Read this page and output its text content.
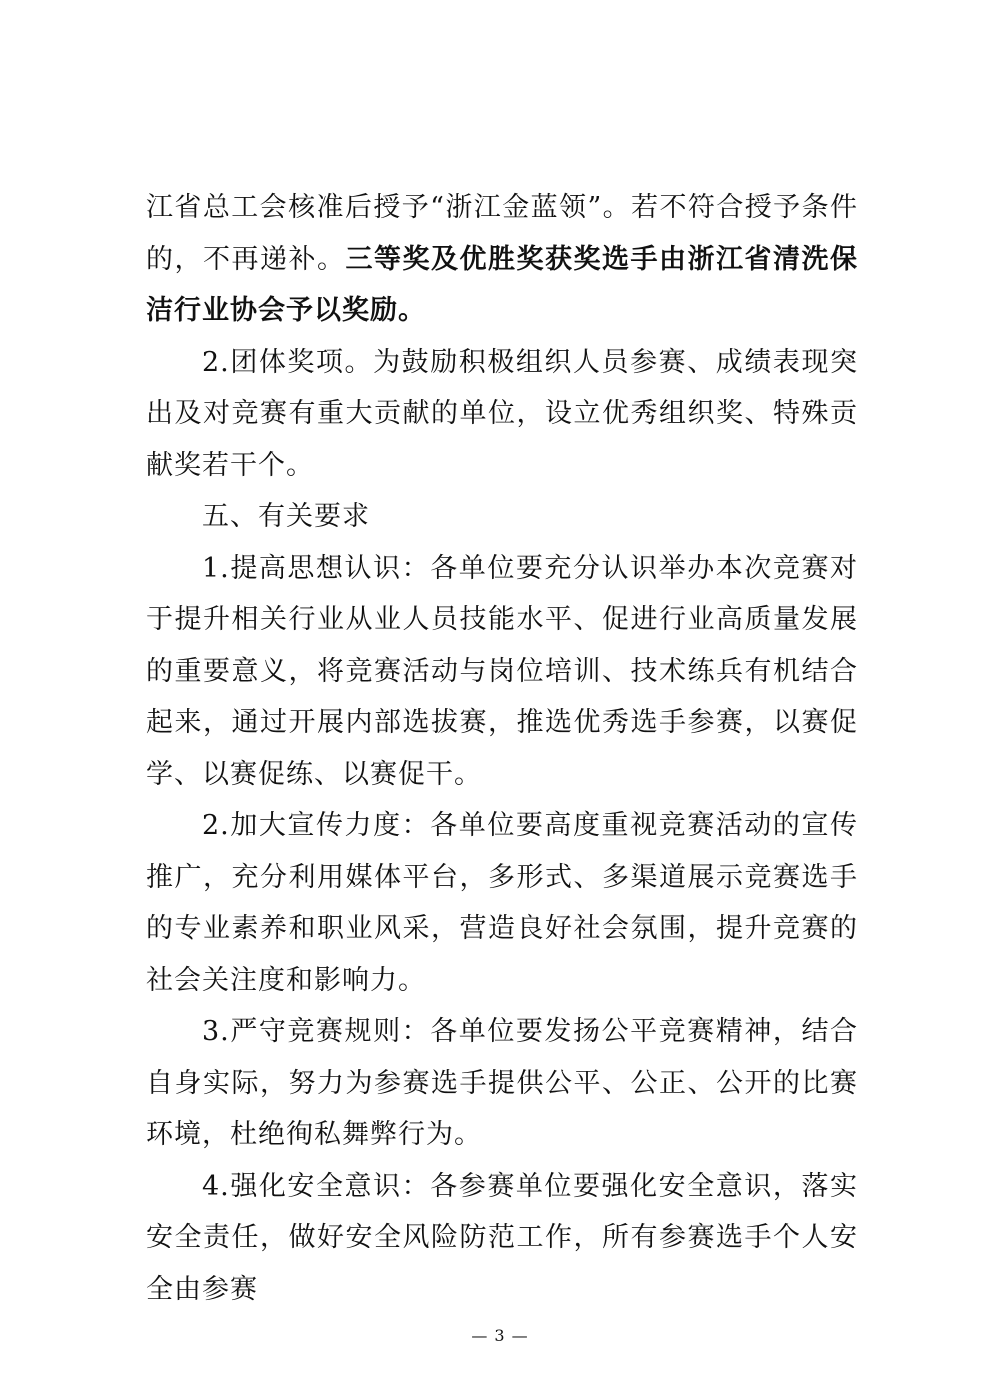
江省总工会核准后授予“浙江金蓝领”。若不符合授予条件的，不再递补。三等奖及优胜奖获奖选手由浙江省清洗保洁行业协会予以奖励。

2.团体奖项。为鼓励积极组织人员参赛、成绩表现突出及对竞赛有重大贡献的单位，设立优秀组织奖、特殊贡献奖若干个。

五、有关要求

1.提高思想认识：各单位要充分认识举办本次竞赛对于提升相关行业从业人员技能水平、促进行业高质量发展的重要意义，将竞赛活动与岗位培训、技术练兵有机结合起来，通过开展内部选拔赛，推选优秀选手参赛，以赛促学、以赛促练、以赛促干。

2.加大宣传力度：各单位要高度重视竞赛活动的宣传推广，充分利用媒体平台，多形式、多渠道展示竞赛选手的专业素养和职业风采，营造良好社会氛围，提升竞赛的社会关注度和影响力。

3.严守竞赛规则：各单位要发扬公平竞赛精神，结合自身实际，努力为参赛选手提供公平、公正、公开的比赛环境，杜绝徇私舞弊行为。

4.强化安全意识：各参赛单位要强化安全意识，落实安全责任，做好安全风险防范工作，所有参赛选手个人安全由参赛

— 3 —
